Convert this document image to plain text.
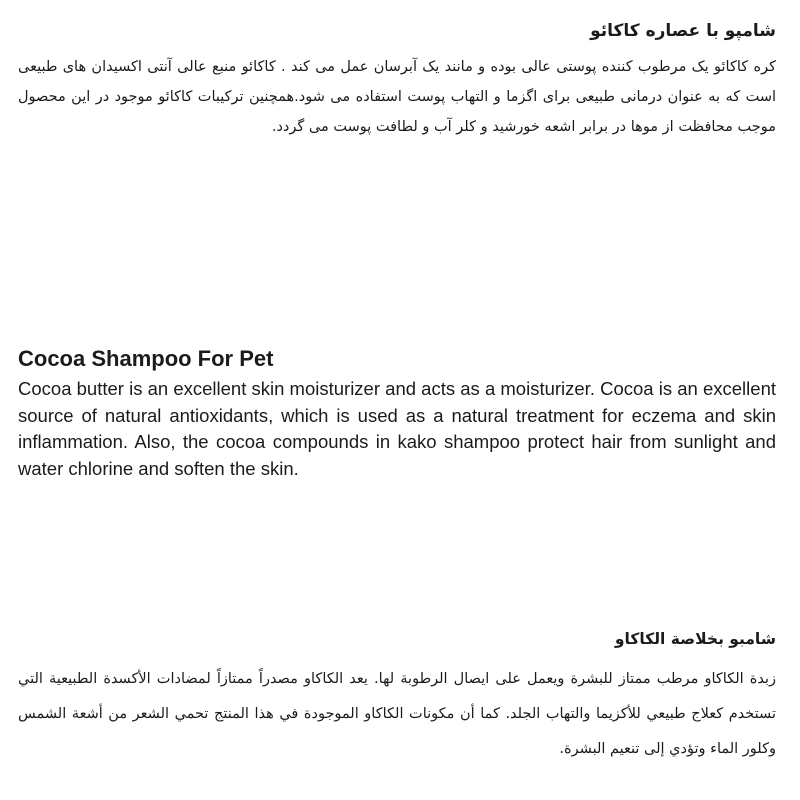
شامپو با عصاره کاکائو

کره کاکائو یک مرطوب کننده پوستی عالی بوده و مانند یک آبرسان عمل می کند . کاکائو منبع عالی آنتی اکسیدان های طبیعی است که به عنوان درمانی طبیعی برای اگزما و التهاب پوست استفاده می شود.همچنین ترکیبات کاکائو موجود در این محصول موجب محافظت از موها در برابر اشعه خورشید و کلر آب و لطافت پوست می گردد.

Cocoa Shampoo For Pet

Cocoa butter is an excellent skin moisturizer and acts as a moisturizer. Cocoa is an excellent source of natural antioxidants, which is used as a natural treatment for eczema and skin inflammation. Also, the cocoa compounds in kako shampoo protect hair from sunlight and water chlorine and soften the skin.

شامبو بخلاصة الكاكاو

زبدة الكاكاو مرطب ممتاز للبشرة ويعمل على ايصال الرطوبة لها. يعد الكاكاو مصدراً ممتازاً لمضادات الأكسدة الطبيعية التي تستخدم كعلاج طبيعي للأكزيما والتهاب الجلد. كما أن مكونات الكاكاو الموجودة في هذا المنتج تحمي الشعر من أشعة الشمس وكلور الماء وتؤدي إلى تنعيم البشرة.
